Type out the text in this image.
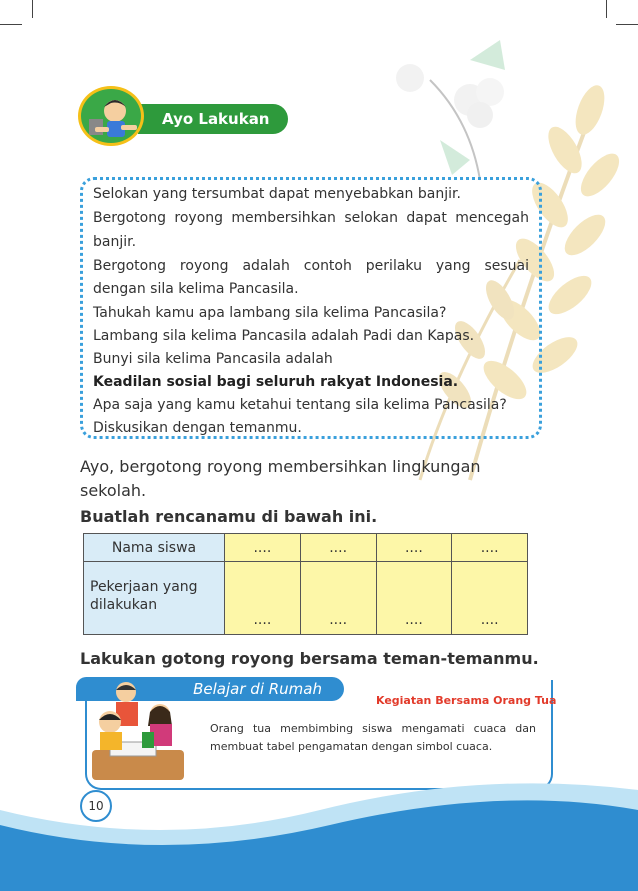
Ayo Lakukan
Selokan yang tersumbat dapat menyebabkan banjir.
Bergotong royong membersihkan selokan dapat mencegah
banjir.
Bergotong royong adalah contoh perilaku yang sesuai
dengan sila kelima Pancasila.
Tahukah kamu apa lambang sila kelima Pancasila?
Lambang sila kelima Pancasila adalah Padi dan Kapas.
Bunyi sila kelima Pancasila adalah
Keadilan sosial bagi seluruh rakyat Indonesia.
Apa saja yang kamu ketahui tentang sila kelima Pancasila?
Diskusikan dengan temanmu.
Ayo, bergotong royong membersihkan lingkungan
sekolah.
Buatlah rencanamu di bawah ini.
Nama siswa	....	....	....	....

Pekerjaan yang
dilakukan	....	....	....	....
Lakukan gotong royong bersama teman-temanmu.
Belajar di Rumah
Kegiatan Bersama Orang Tua
Orang tua membimbing siswa mengamati cuaca dan
membuat tabel pengamatan dengan simbol cuaca.
10	Buku Siswa Kelas I SD/MI
